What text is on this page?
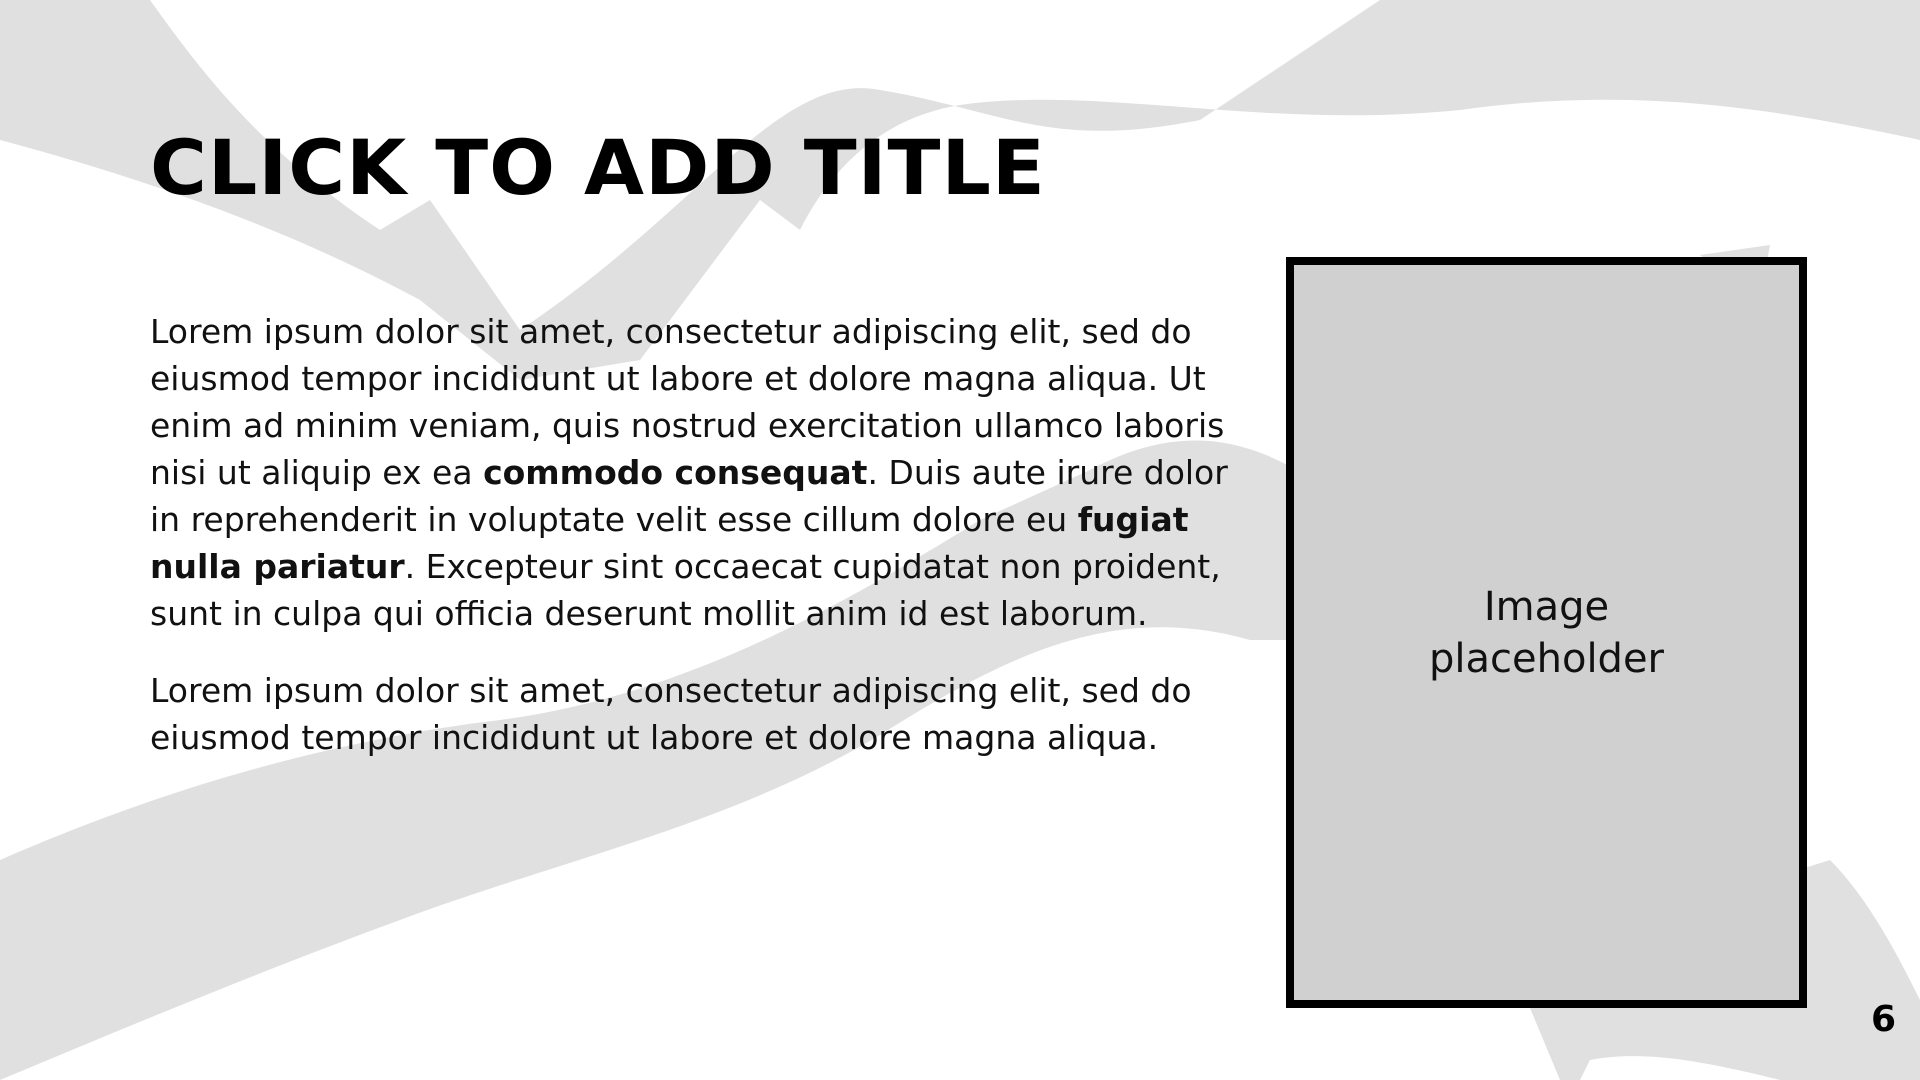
CLICK TO ADD TITLE

Lorem ipsum dolor sit amet, consectetur adipiscing elit, sed do eiusmod tempor incididunt ut labore et dolore magna aliqua. Ut enim ad minim veniam, quis nostrud exercitation ullamco laboris nisi ut aliquip ex ea commodo consequat. Duis aute irure dolor in reprehenderit in voluptate velit esse cillum dolore eu fugiat nulla pariatur. Excepteur sint occaecat cupidatat non proident, sunt in culpa qui officia deserunt mollit anim id est laborum.

Lorem ipsum dolor sit amet, consectetur adipiscing elit, sed do eiusmod tempor incididunt ut labore et dolore magna aliqua.

Image
placeholder
6
